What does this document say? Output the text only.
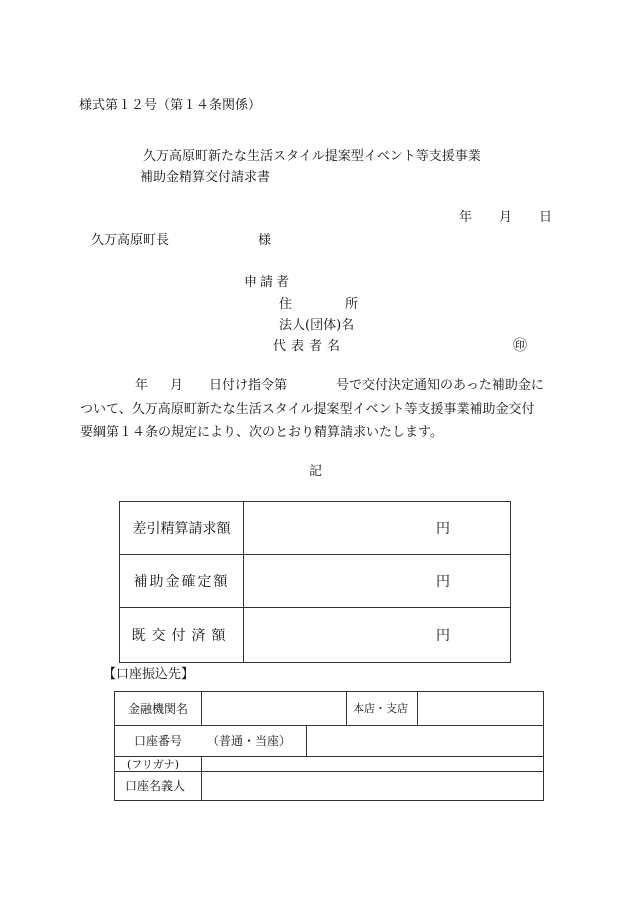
様式第１２号（第１４条関係）
久万高原町新たな生活スタイル提案型イベント等支援事業
補助金精算交付請求書
年 月 日
久万高原町長	様
申請者
住	所
法人(団体)名
代表者名	㊞
年 月 日付け指令第	号で交付決定通知のあった補助金に
ついて、久万高原町新たな生活スタイル提案型イベント等支援事業補助金交付
要綱第１４条の規定により、次のとおり精算請求いたします。
記
差引精算請求額	円
補助金確定額	円
既交付済額	円
【口座振込先】
金融機関名	本店・支店
口座番号 （普通・当座）
(フリガナ)
口座名義人
